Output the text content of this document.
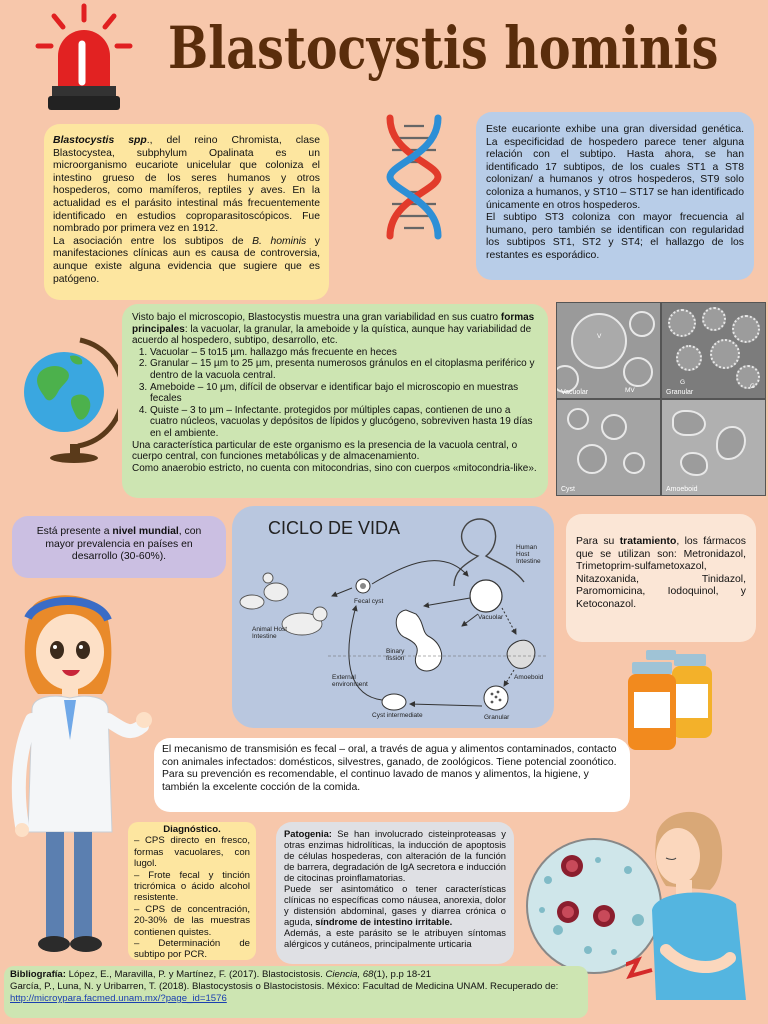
Blastocystis hominis
Blastocystis spp., del reino Chromista, clase Blastocystea, subphylum Opalinata es un microorganismo eucariote unicelular que coloniza el intestino grueso de los seres humanos y otros hospederos, como mamíferos, reptiles y aves. En la actualidad es el parásito intestinal más frecuentemente identificado en estudios coproparasitoscópicos. Fue nombrado por primera vez en 1912.
La asociación entre los subtipos de B. hominis y manifestaciones clínicas aun es causa de controversia, aunque existe alguna evidencia que sugiere que es patógeno.
Este eucarionte exhibe una gran diversidad genética. La especificidad de hospedero parece tener alguna relación con el subtipo. Hasta ahora, se han identificado 17 subtipos, de los cuales ST1 a ST8 colonizan/ a humanos y otros hospederos, ST9 solo coloniza a humanos, y ST10 – ST17 se han identificado únicamente en otros hospederos.
El subtipo ST3 coloniza con mayor frecuencia al humano, pero también se identifican con regularidad los subtipos ST1, ST2 y ST4; el hallazgo de los restantes es esporádico.
Visto bajo el microscopio, Blastocystis muestra una gran variabilidad en sus cuatro formas principales: la vacuolar, la granular, la ameboide y la quística, aunque hay variabilidad de acuerdo al hospedero, subtipo, desarrollo, etc.
1. Vacuolar – 5 to15 µm. hallazgo más frecuente en heces
2. Granular – 15 µm to 25 µm, presenta numerosos gránulos en el citoplasma periférico y dentro de la vacuola central.
3. Ameboide – 10 µm, difícil de observar e identificar bajo el microscopio en muestras fecales
4. Quiste – 3 to µm – Infectante. protegidos por múltiples capas, contienen de uno a cuatro núcleos, vacuolas y depósitos de lípidos y glucógeno, sobreviven hasta 19 días en el ambiente.
Una característica particular de este organismo es la presencia de la vacuola central, o cuerpo central, con funciones metabólicas y de almacenamiento.
Como anaerobio estricto, no cuenta con mitocondrias, sino con cuerpos «mitocondria-like».
V
MV
Vacuolar
G
G
Granular
Cyst	Amoeboid
Está presente a nivel mundial, con mayor prevalencia en países en desarrollo (30-60%).
CICLO DE VIDA
Human Host Intestine
Fecal cyst
Animal Host Intestine
Vacuolar
Binary fission
Amoeboid
External environment
Cyst intermediate	Granular
Para su tratamiento, los fármacos que se utilizan son: Metronidazol, Trimetoprim-sulfametoxazol, Nitazoxanida, Tinidazol, Paromomicina, Iodoquinol, y Ketoconazol.
El mecanismo de transmisión es fecal – oral, a través de agua y alimentos contaminados, contacto con animales infectados: domésticos, silvestres, ganado, de zoológicos. Tiene potencial zoonótico.
Para su prevención es recomendable, el continuo lavado de manos y alimentos, la higiene, y también la excelente cocción de la comida.
Diagnóstico.
– CPS directo en fresco, formas vacuolares, con lugol.
– Frote fecal y tinción tricrómica o ácido alcohol resistente.
– CPS de concentración, 20-30% de las muestras contienen quistes.
– Determinación de subtipo por PCR.
Patogenia: Se han involucrado cisteinproteasas y otras enzimas hidrolíticas, la inducción de apoptosis de células hospederas, con alteración de la función de barrera, degradación de IgA secretora e inducción de citocinas proinflamatorias.
Puede ser asintomático o tener características clínicas no específicas como náusea, anorexia, dolor y distensión abdominal, gases y diarrea crónica o aguda, síndrome de intestino irritable.
Además, a este parásito se le atribuyen síntomas alérgicos y cutáneos, principalmente urticaria
Bibliografía: López, E., Maravilla, P. y Martínez, F. (2017). Blastocistosis. Ciencia, 68(1), p.p 18-21
García, P., Luna, N. y Uribarren, T. (2018). Blastocystosis o Blastocistosis. México: Facultad de Medicina UNAM. Recuperado de: http://microypara.facmed.unam.mx/?page_id=1576
